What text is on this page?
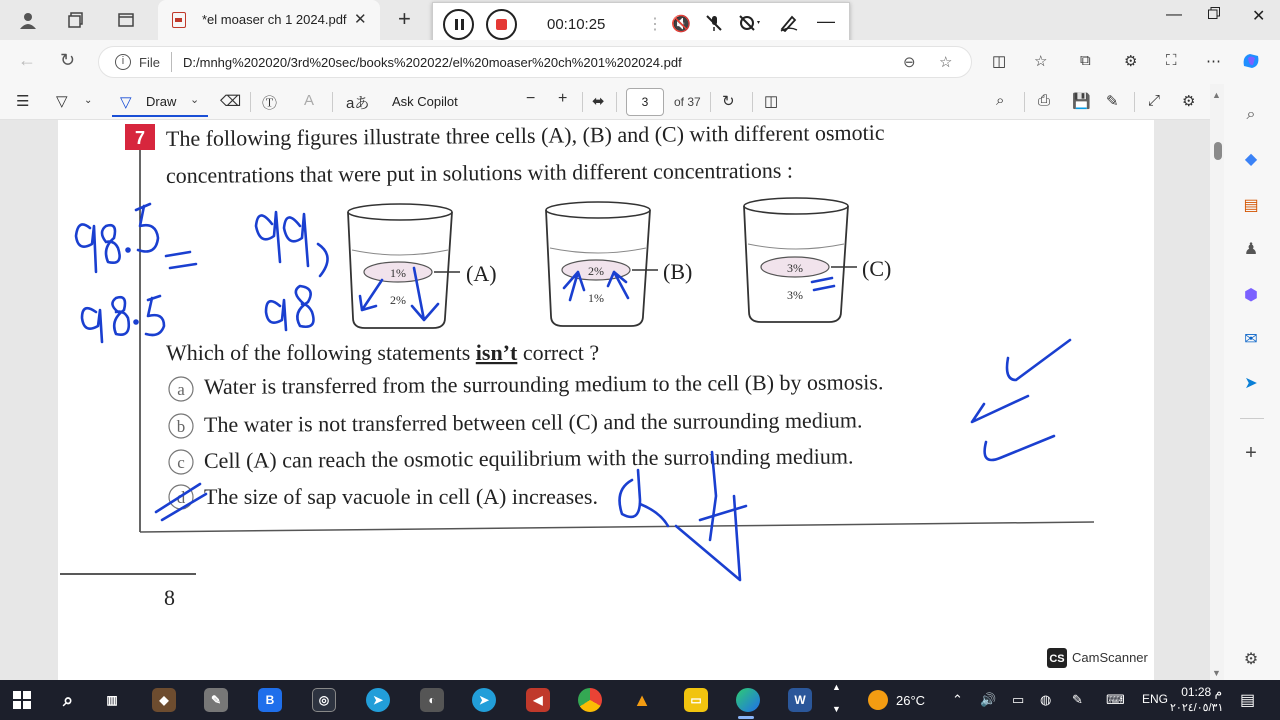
*el moaser ch 1 2024.pdf ✕ +	00:10:25	⋮ 🔇	—	—	✕
← ↻	i	File D:/mnhg%202020/3rd%20sec/books%202022/el%20moaser%20ch%201%202024.pdf	⊖ ☆	◫ ☆ ⧉ ⚙ ⛶ ⋯
☰ ▽ ⌄ ▽ Draw ⌄ ⌫ Ⓣ A aあ Ask Copilot	− + ⬌	3	of 37 ↻ ◫	⌕ ⎙ 💾 ✎ ⤢ ⚙
7 The following figures illustrate three cells (A), (B) and (C) with different osmotic
concentrations that were put in solutions with different concentrations :
1%
2%
(A)	2%
1%
(B)	3%
3%
(C)
Which of the following statements isn’t correct ?
a Water is transferred from the surrounding medium to the cell (B) by osmosis.
b The water is not transferred between cell (C) and the surrounding medium.
c Cell (A) can reach the osmotic equilibrium with the surrounding medium.
d The size of sap vacuole in cell (A) increases.
8
CS CamScanner
▲
▼
⌕
◆
▤
♟
⬢
✉
➤
+
⚙
⌕	▥	◆	✎	B	◎	➤	◐	➤	◀	▲	▭	W
▲
▼
26°C ⌃ 🔊 ▭ ◍ ✎ ⌨ ENG 01:28 م
٢٠٢٤/٠٥/٣١ ▤
